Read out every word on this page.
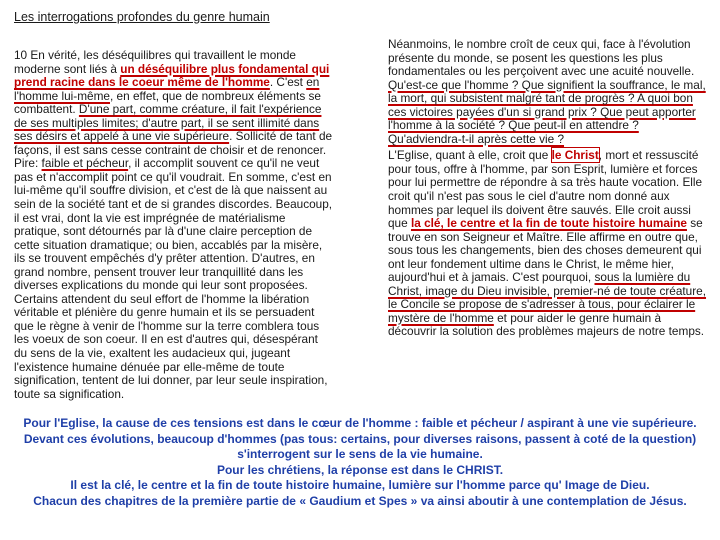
Les interrogations profondes du genre humain

10 En vérité, les déséquilibres qui travaillent le monde moderne sont liés à un déséquilibre plus fondamental qui prend racine dans le coeur même de l'homme. C'est en l'homme lui-même, en effet, que de nombreux éléments se combattent. D'une part, comme créature, il fait l'expérience de ses multiples limites; d'autre part, il se sent illimité dans ses désirs et appelé à une vie supérieure. Sollicité de tant de façons, il est sans cesse contraint de choisir et de renoncer. Pire: faible et pécheur, il accomplit souvent ce qu'il ne veut pas et n'accomplit point ce qu'il voudrait. En somme, c'est en lui-même qu'il souffre division, et c'est de là que naissent au sein de la société tant et de si grandes discordes. Beaucoup, il est vrai, dont la vie est imprégnée de matérialisme pratique, sont détournés par là d'une claire perception de cette situation dramatique; ou bien, accablés par la misère, ils se trouvent empêchés d'y prêter attention. D'autres, en grand nombre, pensent trouver leur tranquillité dans les diverses explications du monde qui leur sont proposées. Certains attendent du seul effort de l'homme la libération véritable et plénière du genre humain et ils se persuadent que le règne à venir de l'homme sur la terre comblera tous les voeux de son coeur. Il en est d'autres qui, désespérant du sens de la vie, exaltent les audacieux qui, jugeant l'existence humaine dénuée par elle-même de toute signification, tentent de lui donner, par leur seule inspiration, toute sa signification.

Néanmoins, le nombre croît de ceux qui, face à l'évolution présente du monde, se posent les questions les plus fondamentales ou les perçoivent avec une acuité nouvelle. Qu'est-ce que l'homme ? Que signifient la souffrance, le mal, la mort, qui subsistent malgré tant de progrès ? A quoi bon ces victoires payées d'un si grand prix ? Que peut apporter l'homme à la société ? Que peut-il en attendre ? Qu'adviendra-t-il après cette vie ?

L'Eglise, quant à elle, croit que le Christ, mort et ressuscité pour tous, offre à l'homme, par son Esprit, lumière et forces pour lui permettre de répondre à sa très haute vocation. Elle croit qu'il n'est pas sous le ciel d'autre nom donné aux hommes par lequel ils doivent être sauvés. Elle croit aussi que la clé, le centre et la fin de toute histoire humaine se trouve en son Seigneur et Maître. Elle affirme en outre que, sous tous les changements, bien des choses demeurent qui ont leur fondement ultime dans le Christ, le même hier, aujourd'hui et à jamais. C'est pourquoi, sous la lumière du Christ, image du Dieu invisible, premier-né de toute créature, le Concile se propose de s'adresser à tous, pour éclairer le mystère de l'homme et pour aider le genre humain à découvrir la solution des problèmes majeurs de notre temps.

Pour l'Eglise, la cause de ces tensions est dans le cœur de l'homme : faible et pécheur / aspirant à une vie supérieure.
Devant ces évolutions, beaucoup d'hommes (pas tous: certains, pour diverses raisons, passent à coté de la question)
s'interrogent sur le sens de la vie humaine.
Pour les chrétiens, la réponse est dans le CHRIST.
Il est la clé, le centre et la fin de toute histoire humaine, lumière sur l'homme parce qu' Image de Dieu.
Chacun des chapitres de la première partie de « Gaudium et Spes » va ainsi aboutir à une contemplation de Jésus.
